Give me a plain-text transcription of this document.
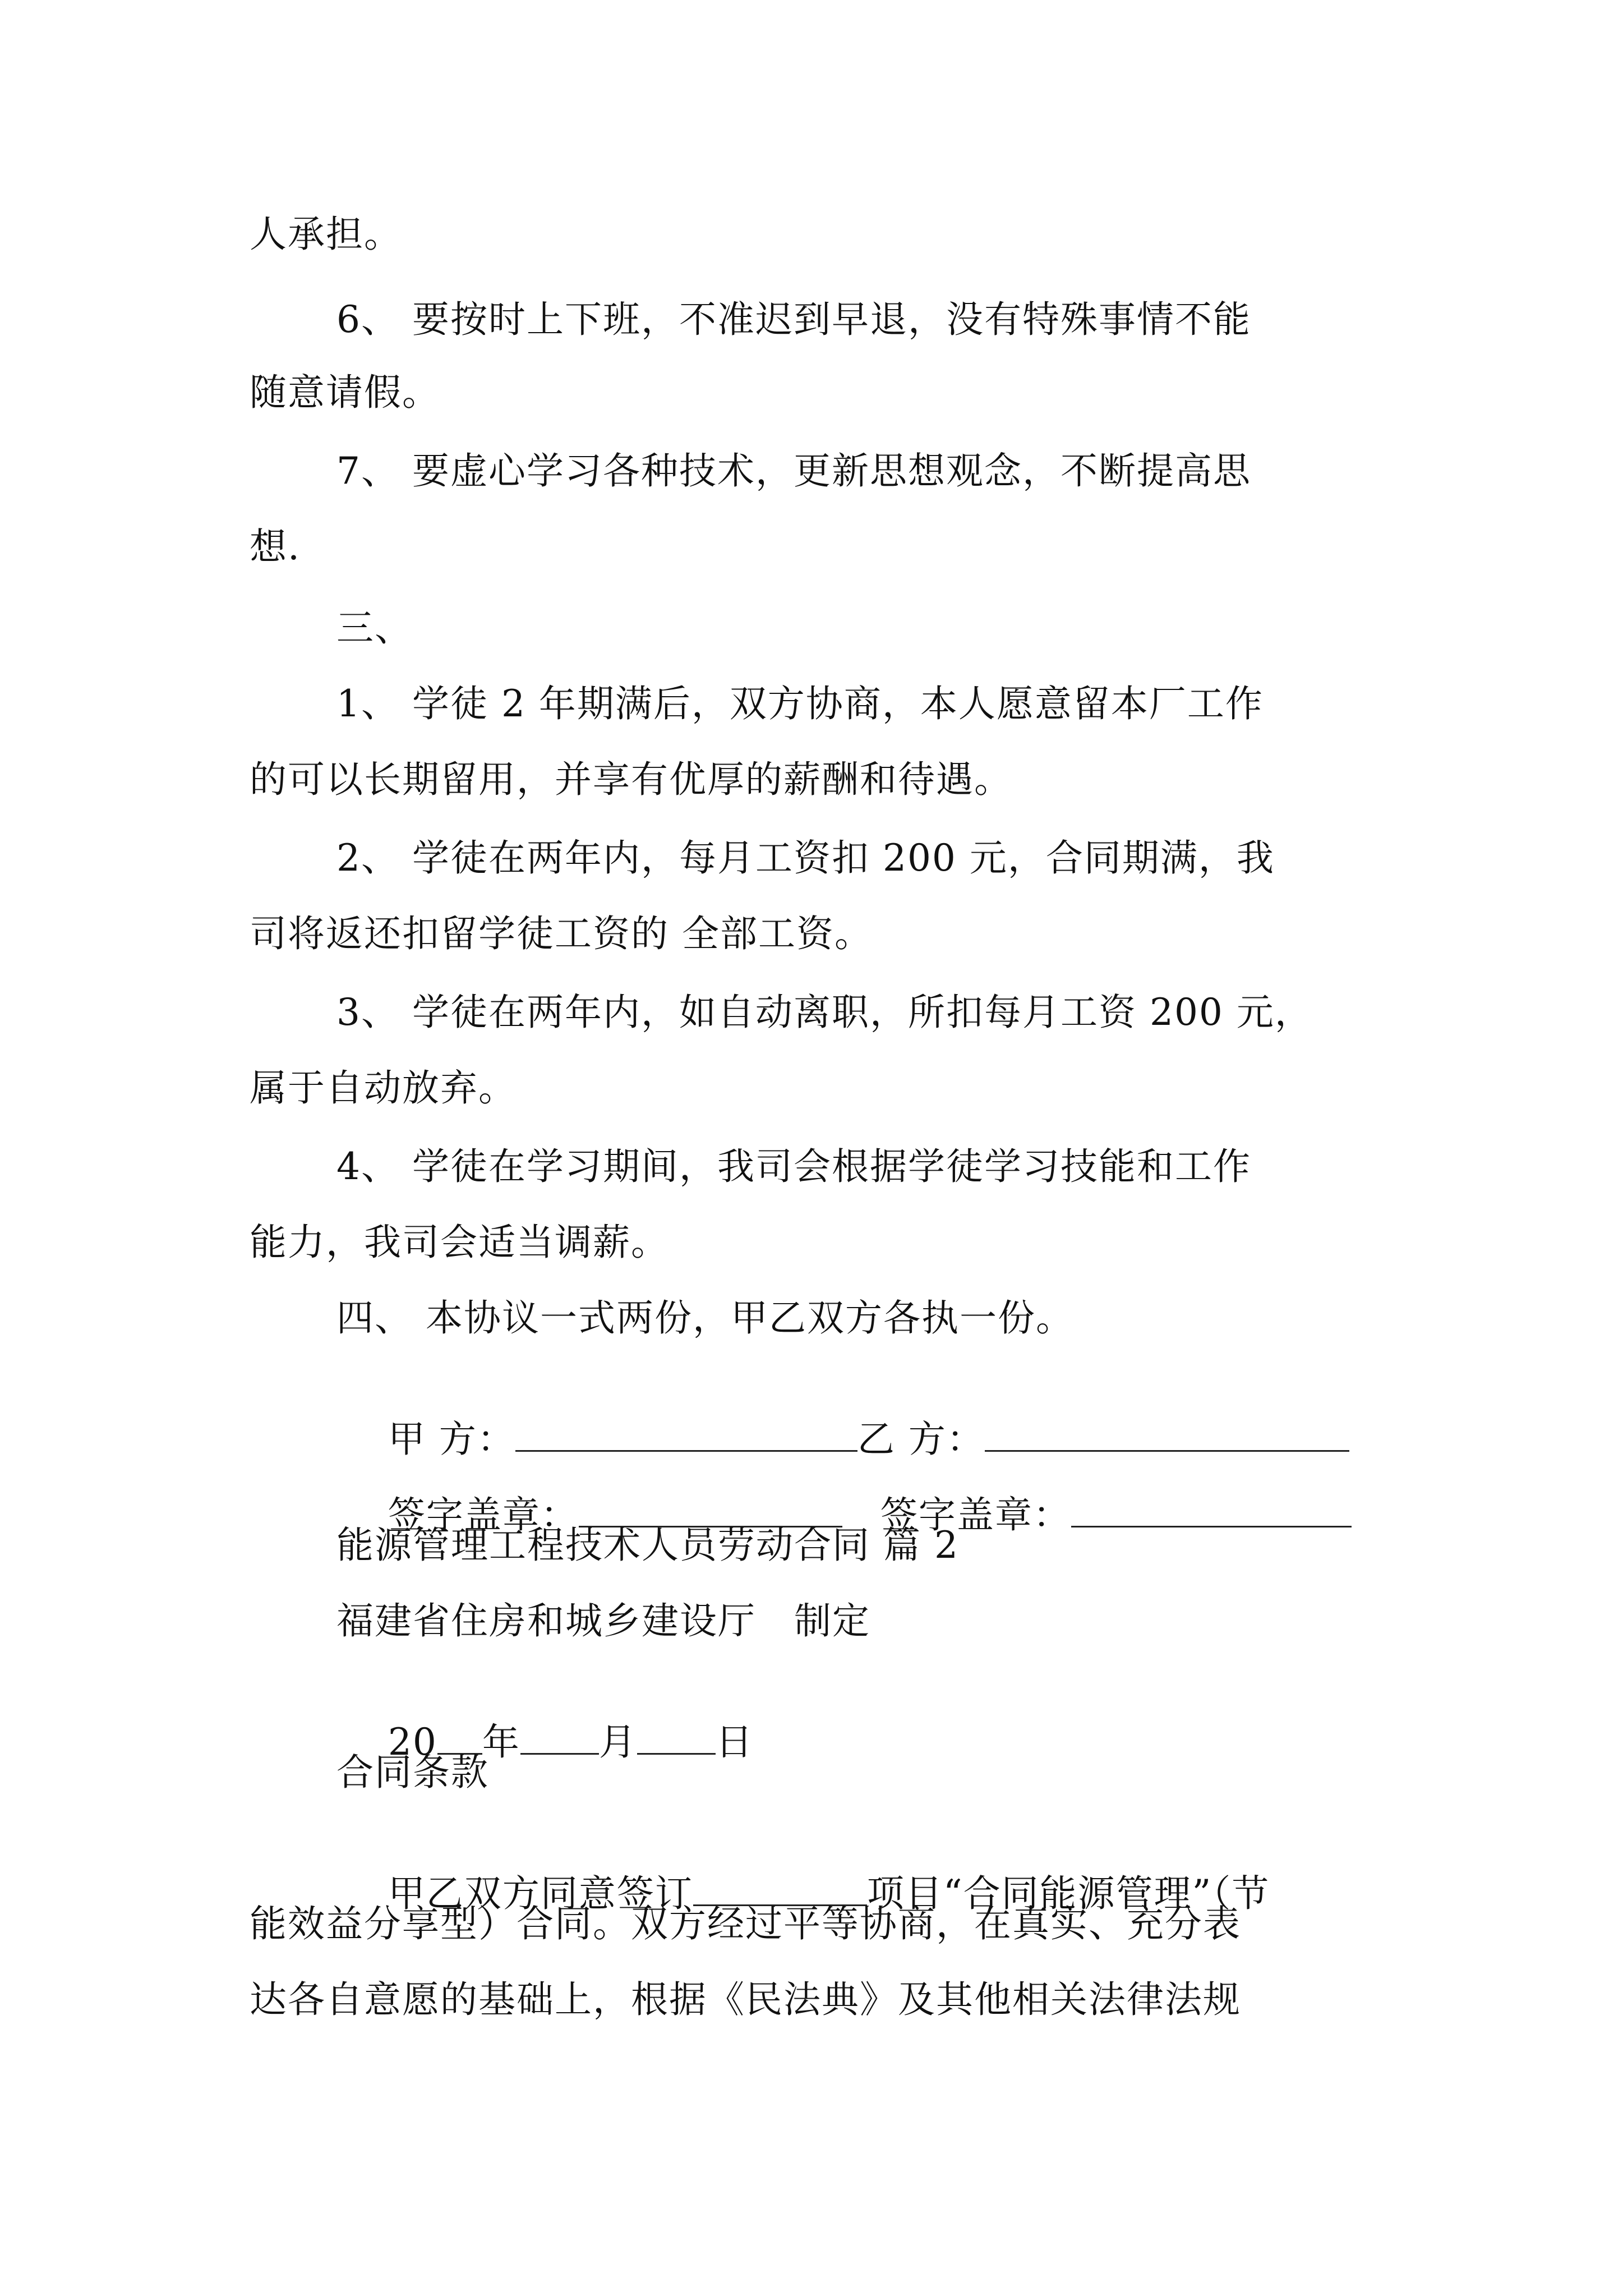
人承担。
6、 要按时上下班，不准迟到早退，没有特殊事情不能
随意请假。
7、 要虚心学习各种技术，更新思想观念，不断提高思
想.
三、
1、 学徒 2 年期满后，双方协商，本人愿意留本厂工作
的可以长期留用，并享有优厚的薪酬和待遇。
2、 学徒在两年内，每月工资扣 200 元，合同期满，我
司将返还扣留学徒工资的 全部工资。
3、 学徒在两年内，如自动离职，所扣每月工资 200 元，
属于自动放弃。
4、 学徒在学习期间，我司会根据学徒学习技能和工作
能力，我司会适当调薪。
四、 本协议一式两份，甲乙双方各执一份。

甲 方：	乙 方：

签字盖章：　	签字盖章：

能源管理工程技术人员劳动合同 篇 2
福建省住房和城乡建设厅　制定

20 年 月 日

合同条款

甲乙双方同意签订	项目“合同能源管理”（节

能效益分享型）合同。双方经过平等协商，在真实、充分表
达各自意愿的基础上，根据《民法典》及其他相关法律法规
